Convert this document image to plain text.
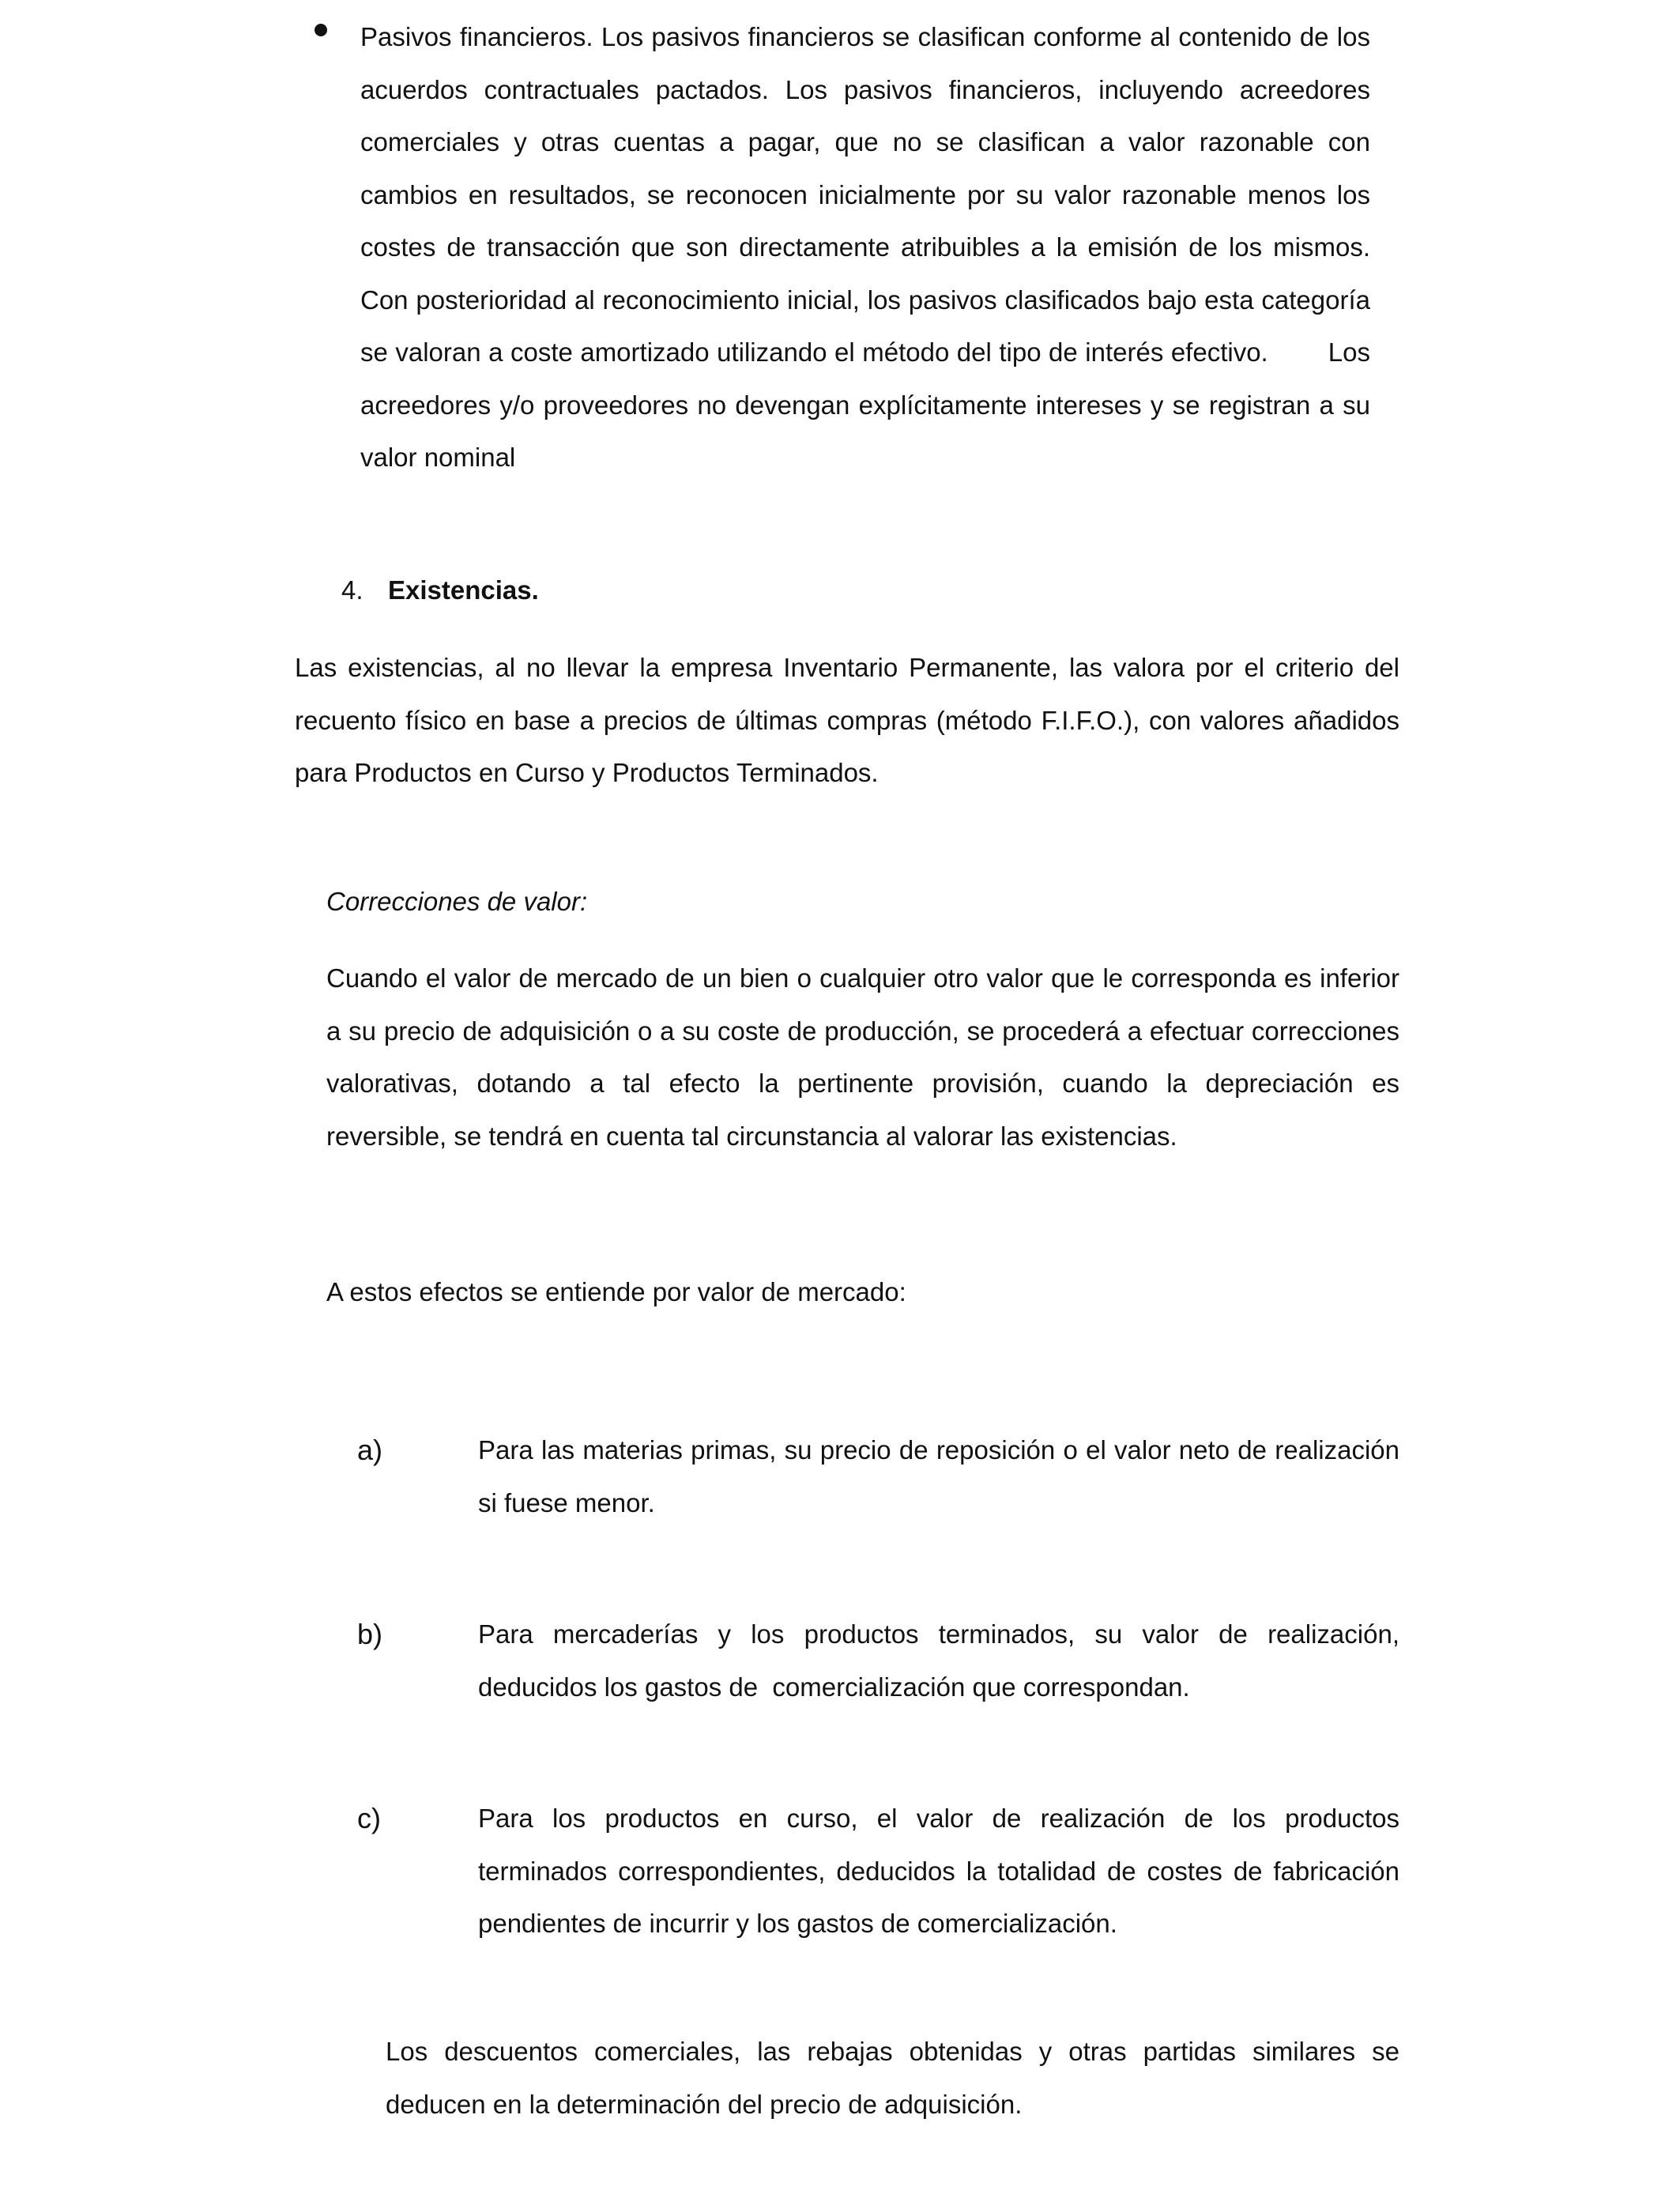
Pasivos financieros. Los pasivos financieros se clasifican conforme al contenido de los acuerdos contractuales pactados. Los pasivos financieros, incluyendo acreedores comerciales y otras cuentas a pagar, que no se clasifican a valor razonable con cambios en resultados, se reconocen inicialmente por su valor razonable menos los costes de transacción que son directamente atribuibles a la emisión de los mismos. Con posterioridad al reconocimiento inicial, los pasivos clasificados bajo esta categoría se valoran a coste amortizado utilizando el método del tipo de interés efectivo.        Los acreedores y/o proveedores no devengan explícitamente intereses y se registran a su valor nominal

4. Existencias.

Las existencias, al no llevar la empresa Inventario Permanente, las valora por el criterio del recuento físico en base a precios de últimas compras (método F.I.F.O.), con valores añadidos para Productos en Curso y Productos Terminados.

Correcciones de valor:

Cuando el valor de mercado de un bien o cualquier otro valor que le corresponda es inferior a su precio de adquisición o a su coste de producción, se procederá a efectuar correcciones valorativas, dotando a tal efecto la pertinente provisión, cuando la depreciación es reversible, se tendrá en cuenta tal circunstancia al valorar las existencias.

A estos efectos se entiende por valor de mercado:
a)	Para las materias primas, su precio de reposición o el valor neto de realización si fuese menor.

b)	Para mercaderías y los productos terminados, su valor de realización, deducidos los gastos de  comercialización que correspondan.

c)	Para los productos en curso, el valor de realización de los productos terminados correspondientes, deducidos la totalidad de costes de fabricación pendientes de incurrir y los gastos de comercialización.

Los descuentos comerciales, las rebajas obtenidas y otras partidas similares se deducen en la determinación del precio de adquisición.
